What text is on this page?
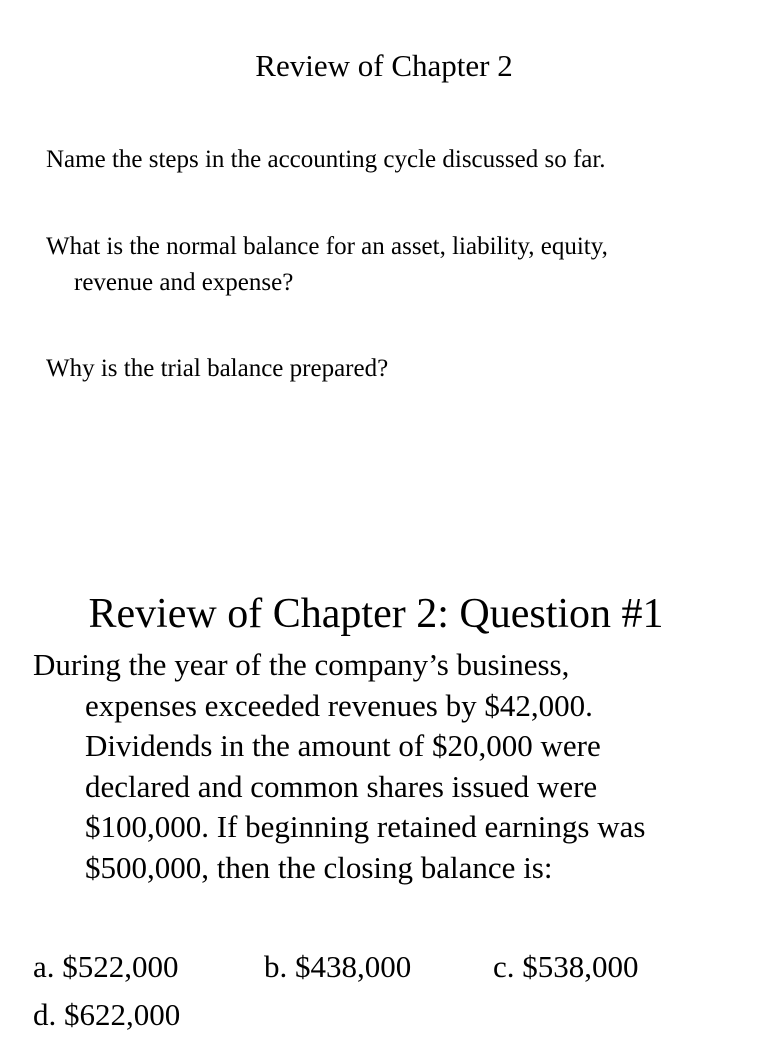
Review of Chapter 2
Name the steps in the accounting cycle discussed so far.
What is the normal balance for an asset, liability, equity,
revenue and expense?
Why is the trial balance prepared?
Review of Chapter 2: Question #1
During the year of the company’s business,
expenses exceeded revenues by $42,000.
Dividends in the amount of $20,000 were
declared and common shares issued were
$100,000. If beginning retained earnings was
$500,000, then the closing balance is:
a. $522,000	b. $438,000	c. $538,000
d. $622,000
